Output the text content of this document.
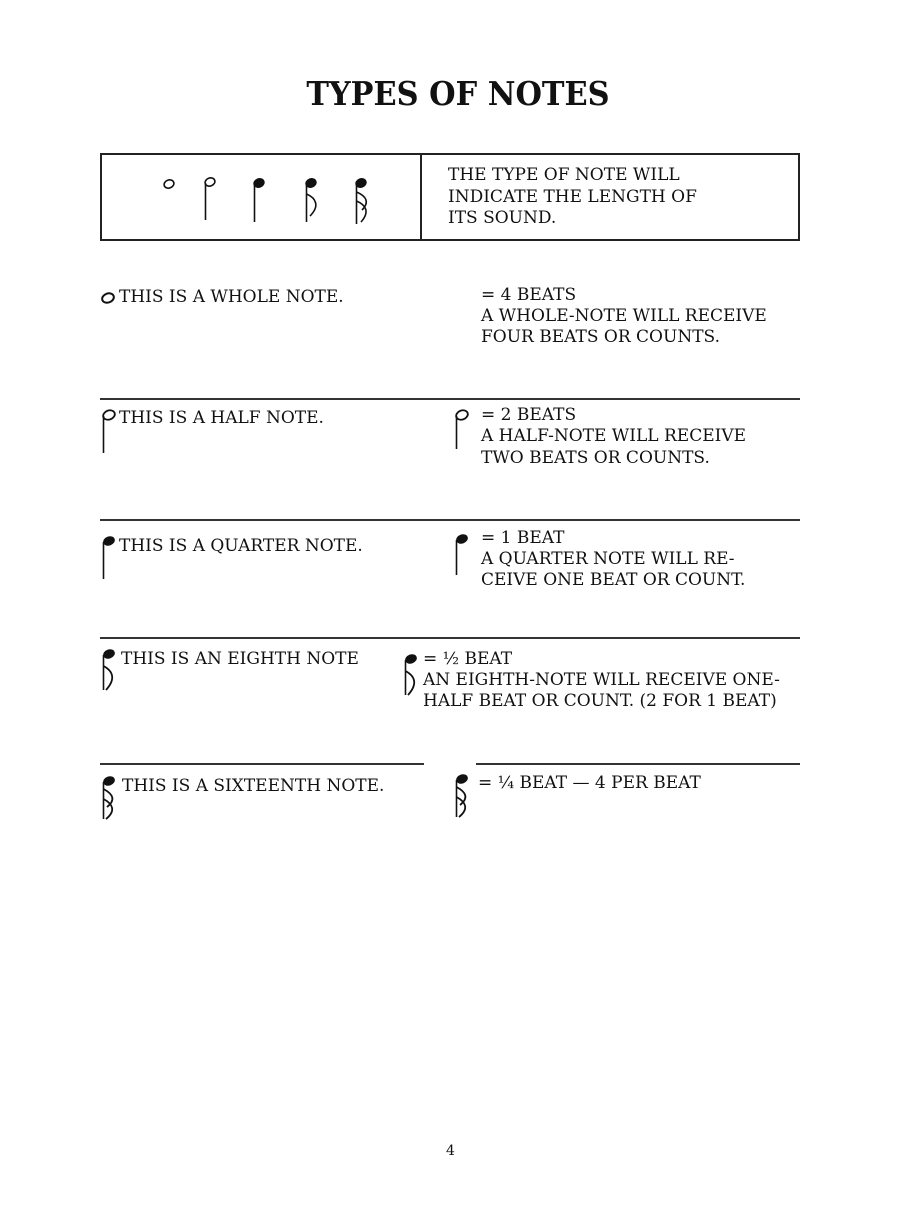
TYPES OF NOTES
THE TYPE OF NOTE WILL
INDICATE THE LENGTH OF
ITS SOUND.
THIS IS A WHOLE NOTE.	= 4 BEATS
A WHOLE-NOTE WILL RECEIVE
FOUR BEATS OR COUNTS.
THIS IS A HALF NOTE.	= 2 BEATS
A HALF-NOTE WILL RECEIVE
TWO BEATS OR COUNTS.
THIS IS A QUARTER NOTE.	= 1 BEAT
A QUARTER NOTE WILL RE-
CEIVE ONE BEAT OR COUNT.
THIS IS AN EIGHTH NOTE	= ½ BEAT
AN EIGHTH-NOTE WILL RECEIVE ONE-
HALF BEAT OR COUNT. (2 FOR 1 BEAT)
THIS IS A SIXTEENTH NOTE.	= ¼ BEAT — 4 PER BEAT
4
